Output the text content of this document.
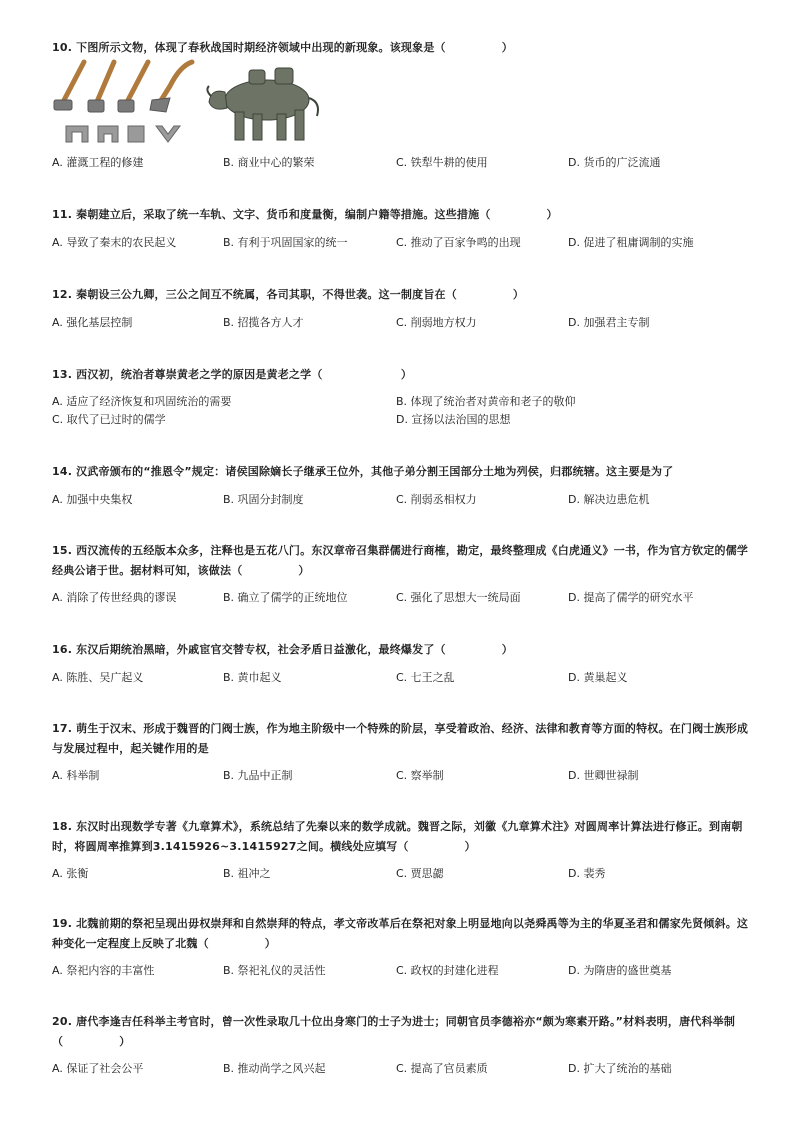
10. 下图所示文物，体现了春秋战国时期经济领域中出现的新现象。该现象是（　　　　　）
A. 灌溉工程的修建	B. 商业中心的繁荣	C. 铁犁牛耕的使用	D. 货币的广泛流通
11. 秦朝建立后，采取了统一车轨、文字、货币和度量衡，编制户籍等措施。这些措施（　　　　　）
A. 导致了秦末的农民起义	B. 有利于巩固国家的统一	C. 推动了百家争鸣的出现	D. 促进了租庸调制的实施
12. 秦朝设三公九卿，三公之间互不统属，各司其职，不得世袭。这一制度旨在（　　　　　）
A. 强化基层控制	B. 招揽各方人才	C. 削弱地方权力	D. 加强君主专制
13. 西汉初，统治者尊崇黄老之学的原因是黄老之学（　　　　　　　）
A. 适应了经济恢复和巩固统治的需要	B. 体现了统治者对黄帝和老子的敬仰
C. 取代了已过时的儒学	D. 宣扬以法治国的思想
14. 汉武帝颁布的“推恩令”规定：诸侯国除嫡长子继承王位外，其他子弟分割王国部分土地为列侯，归郡统辖。这主要是为了
A. 加强中央集权	B. 巩固分封制度	C. 削弱丞相权力	D. 解决边患危机
15. 西汉流传的五经版本众多，注释也是五花八门。东汉章帝召集群儒进行商榷，勘定，最终整理成《白虎通义》一书，作为官方钦定的儒学经典公诸于世。据材料可知，该做法（　　　　　）
A. 消除了传世经典的谬误	B. 确立了儒学的正统地位	C. 强化了思想大一统局面	D. 提高了儒学的研究水平
16. 东汉后期统治黑暗，外戚宦官交替专权，社会矛盾日益激化，最终爆发了（　　　　　）
A. 陈胜、吴广起义	B. 黄巾起义	C. 七王之乱	D. 黄巢起义
17. 萌生于汉末、形成于魏晋的门阀士族，作为地主阶级中一个特殊的阶层，享受着政治、经济、法律和教育等方面的特权。在门阀士族形成与发展过程中，起关键作用的是
A. 科举制	B. 九品中正制	C. 察举制	D. 世卿世禄制
18. 东汉时出现数学专著《九章算术》，系统总结了先秦以来的数学成就。魏晋之际，刘徽《九章算术注》对圆周率计算法进行修正。到南朝时，将圆周率推算到3.1415926~3.1415927之间。横线处应填写（　　　　　）
A. 张衡	B. 祖冲之	C. 贾思勰	D. 裴秀
19. 北魏前期的祭祀呈现出毋权崇拜和自然崇拜的特点，孝文帝改革后在祭祀对象上明显地向以尧舜禹等为主的华夏圣君和儒家先贤倾斜。这种变化一定程度上反映了北魏（　　　　　）
A. 祭祀内容的丰富性	B. 祭祀礼仪的灵活性	C. 政权的封建化进程	D. 为隋唐的盛世奠基
20. 唐代李逢吉任科举主考官时，曾一次性录取几十位出身寒门的士子为进士；同朝官员李德裕亦“颇为寒素开路。”材料表明，唐代科举制（　　　　　）
A. 保证了社会公平	B. 推动尚学之风兴起	C. 提高了官员素质	D. 扩大了统治的基础
